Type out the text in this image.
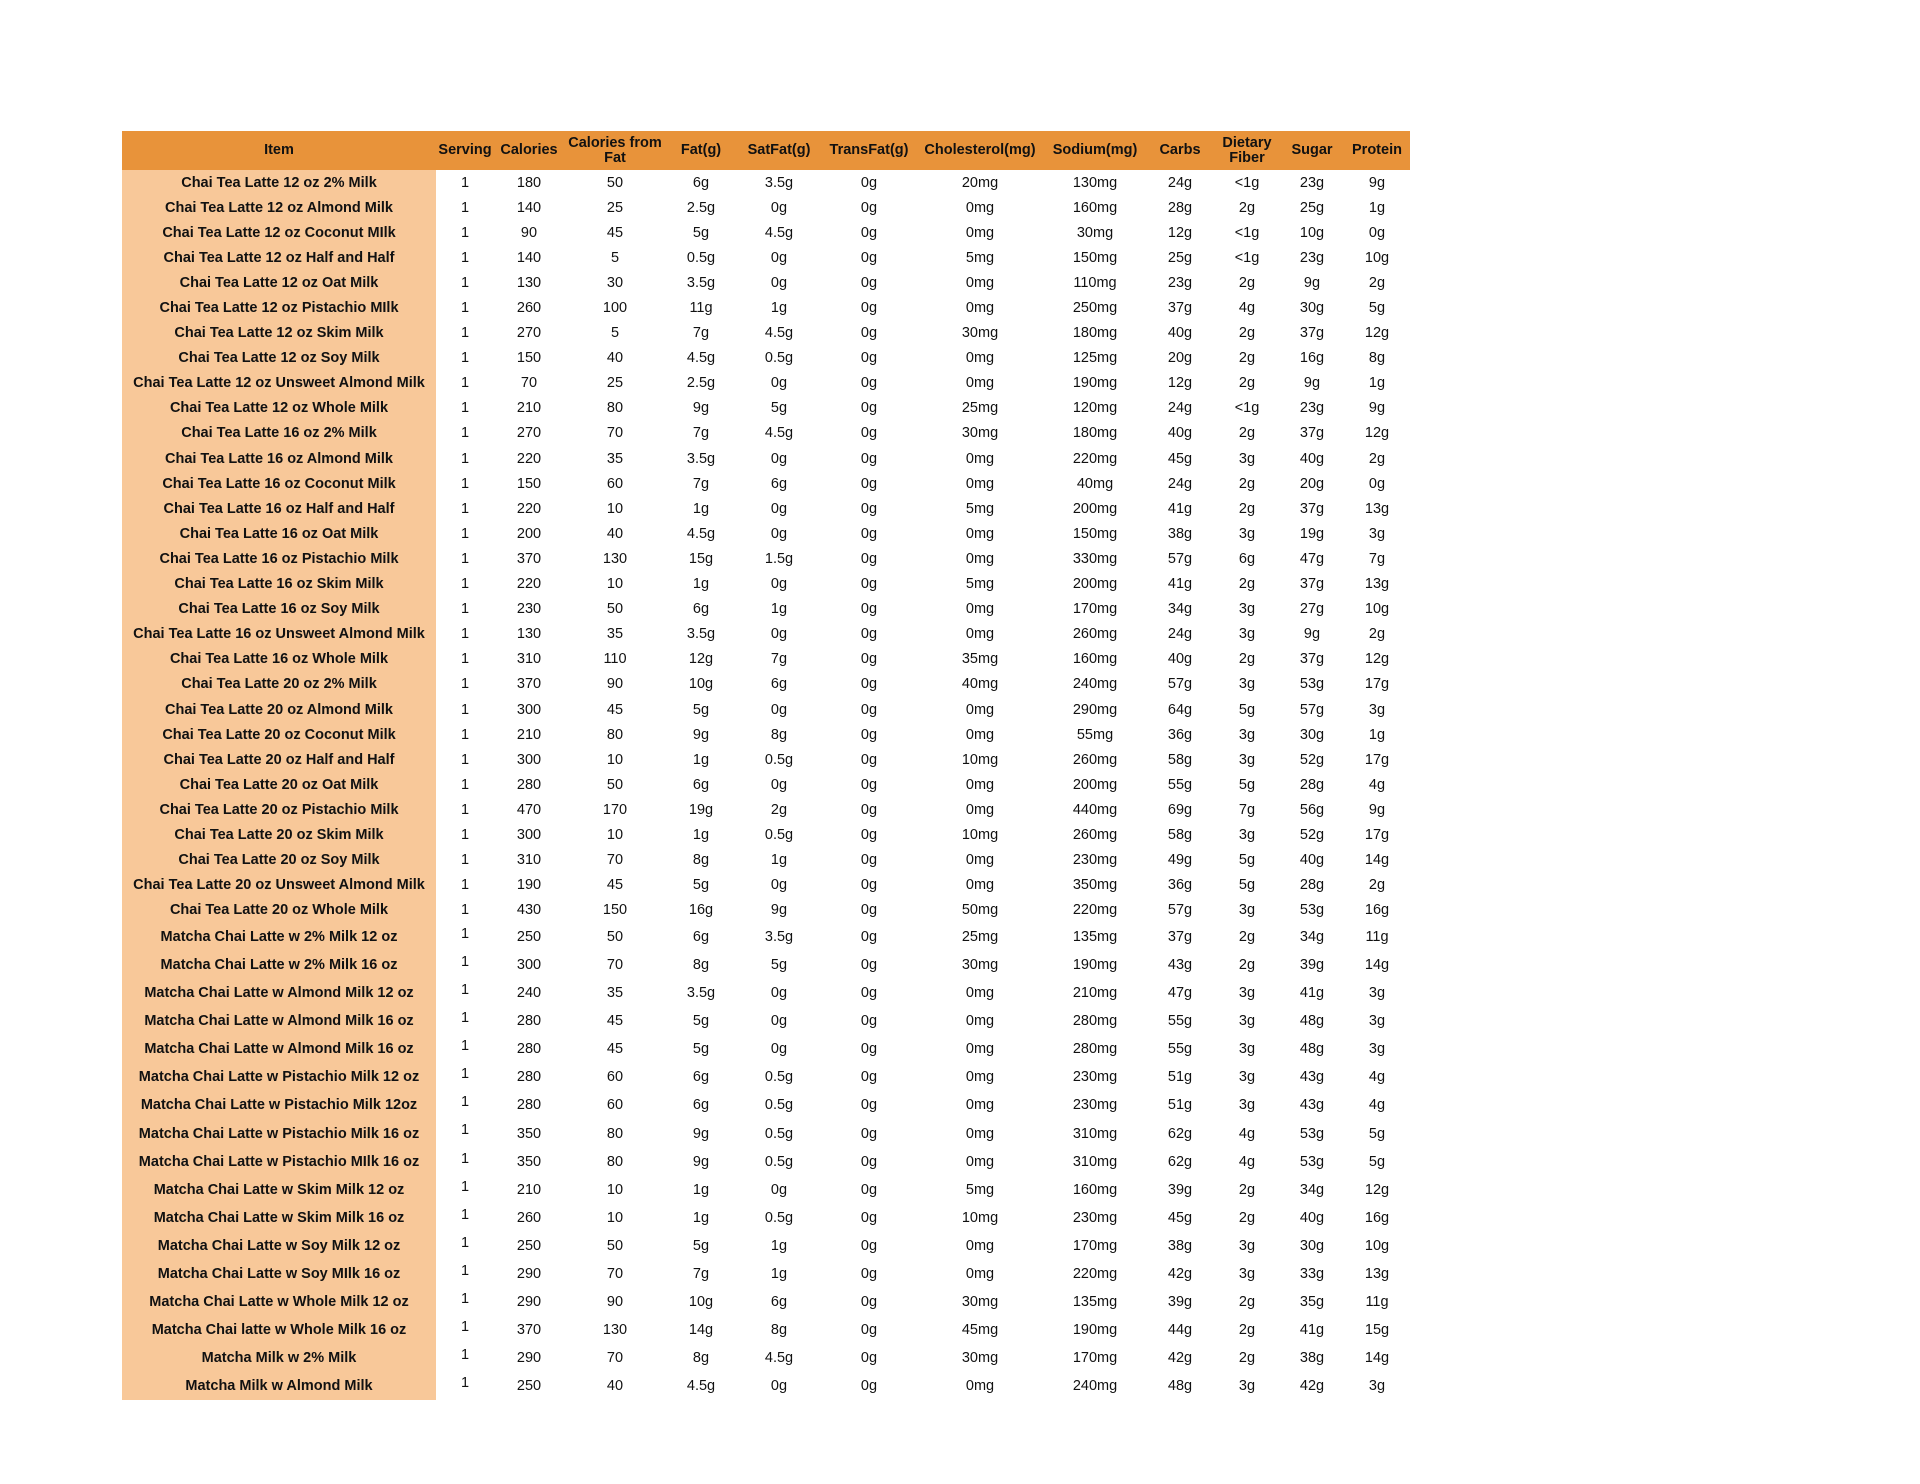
Item	Serving	Calories	Calories from Fat	Fat(g)	SatFat(g)	TransFat(g)	Cholesterol(mg)	Sodium(mg)	Carbs	Dietary Fiber	Sugar	Protein
Chai Tea Latte 12 oz 2% Milk	1	180	50	6g	3.5g	0g	20mg	130mg	24g	<1g	23g	9g
Chai Tea Latte 12 oz Almond Milk	1	140	25	2.5g	0g	0g	0mg	160mg	28g	2g	25g	1g
Chai Tea Latte 12 oz Coconut MIlk	1	90	45	5g	4.5g	0g	0mg	30mg	12g	<1g	10g	0g
Chai Tea Latte 12 oz Half and Half	1	140	5	0.5g	0g	0g	5mg	150mg	25g	<1g	23g	10g
Chai Tea Latte 12 oz Oat Milk	1	130	30	3.5g	0g	0g	0mg	110mg	23g	2g	9g	2g
Chai Tea Latte 12 oz Pistachio MIlk	1	260	100	11g	1g	0g	0mg	250mg	37g	4g	30g	5g
Chai Tea Latte 12 oz Skim Milk	1	270	5	7g	4.5g	0g	30mg	180mg	40g	2g	37g	12g
Chai Tea Latte 12 oz Soy Milk	1	150	40	4.5g	0.5g	0g	0mg	125mg	20g	2g	16g	8g
Chai Tea Latte 12 oz Unsweet Almond Milk	1	70	25	2.5g	0g	0g	0mg	190mg	12g	2g	9g	1g
Chai Tea Latte 12 oz Whole Milk	1	210	80	9g	5g	0g	25mg	120mg	24g	<1g	23g	9g
Chai Tea Latte 16 oz 2% Milk	1	270	70	7g	4.5g	0g	30mg	180mg	40g	2g	37g	12g
Chai Tea Latte 16 oz Almond Milk	1	220	35	3.5g	0g	0g	0mg	220mg	45g	3g	40g	2g
Chai Tea Latte 16 oz Coconut Milk	1	150	60	7g	6g	0g	0mg	40mg	24g	2g	20g	0g
Chai Tea Latte 16 oz Half and Half	1	220	10	1g	0g	0g	5mg	200mg	41g	2g	37g	13g
Chai Tea Latte 16 oz Oat Milk	1	200	40	4.5g	0g	0g	0mg	150mg	38g	3g	19g	3g
Chai Tea Latte 16 oz Pistachio Milk	1	370	130	15g	1.5g	0g	0mg	330mg	57g	6g	47g	7g
Chai Tea Latte 16 oz Skim Milk	1	220	10	1g	0g	0g	5mg	200mg	41g	2g	37g	13g
Chai Tea Latte 16 oz Soy Milk	1	230	50	6g	1g	0g	0mg	170mg	34g	3g	27g	10g
Chai Tea Latte 16 oz Unsweet Almond Milk	1	130	35	3.5g	0g	0g	0mg	260mg	24g	3g	9g	2g
Chai Tea Latte 16 oz Whole Milk	1	310	110	12g	7g	0g	35mg	160mg	40g	2g	37g	12g
Chai Tea Latte 20 oz 2% Milk	1	370	90	10g	6g	0g	40mg	240mg	57g	3g	53g	17g
Chai Tea Latte 20 oz Almond Milk	1	300	45	5g	0g	0g	0mg	290mg	64g	5g	57g	3g
Chai Tea Latte 20 oz Coconut Milk	1	210	80	9g	8g	0g	0mg	55mg	36g	3g	30g	1g
Chai Tea Latte 20 oz Half and Half	1	300	10	1g	0.5g	0g	10mg	260mg	58g	3g	52g	17g
Chai Tea Latte 20 oz Oat Milk	1	280	50	6g	0g	0g	0mg	200mg	55g	5g	28g	4g
Chai Tea Latte 20 oz Pistachio Milk	1	470	170	19g	2g	0g	0mg	440mg	69g	7g	56g	9g
Chai Tea Latte 20 oz Skim Milk	1	300	10	1g	0.5g	0g	10mg	260mg	58g	3g	52g	17g
Chai Tea Latte 20 oz Soy Milk	1	310	70	8g	1g	0g	0mg	230mg	49g	5g	40g	14g
Chai Tea Latte 20 oz Unsweet Almond Milk	1	190	45	5g	0g	0g	0mg	350mg	36g	5g	28g	2g
Chai Tea Latte 20 oz Whole Milk	1	430	150	16g	9g	0g	50mg	220mg	57g	3g	53g	16g
Matcha Chai Latte w 2% Milk 12 oz	1	250	50	6g	3.5g	0g	25mg	135mg	37g	2g	34g	11g
Matcha Chai Latte w 2% Milk 16 oz	1	300	70	8g	5g	0g	30mg	190mg	43g	2g	39g	14g
Matcha Chai Latte w Almond Milk 12 oz	1	240	35	3.5g	0g	0g	0mg	210mg	47g	3g	41g	3g
Matcha Chai Latte w Almond Milk 16 oz	1	280	45	5g	0g	0g	0mg	280mg	55g	3g	48g	3g
Matcha Chai Latte w Almond Milk 16 oz	1	280	45	5g	0g	0g	0mg	280mg	55g	3g	48g	3g
Matcha Chai Latte w Pistachio Milk 12 oz	1	280	60	6g	0.5g	0g	0mg	230mg	51g	3g	43g	4g
Matcha Chai Latte w Pistachio Milk 12oz	1	280	60	6g	0.5g	0g	0mg	230mg	51g	3g	43g	4g
Matcha Chai Latte w Pistachio Milk 16 oz	1	350	80	9g	0.5g	0g	0mg	310mg	62g	4g	53g	5g
Matcha Chai Latte w Pistachio MIlk 16 oz	1	350	80	9g	0.5g	0g	0mg	310mg	62g	4g	53g	5g
Matcha Chai Latte w Skim Milk 12 oz	1	210	10	1g	0g	0g	5mg	160mg	39g	2g	34g	12g
Matcha Chai Latte w Skim Milk 16 oz	1	260	10	1g	0.5g	0g	10mg	230mg	45g	2g	40g	16g
Matcha Chai Latte w Soy Milk 12 oz	1	250	50	5g	1g	0g	0mg	170mg	38g	3g	30g	10g
Matcha Chai Latte w Soy MIlk 16 oz	1	290	70	7g	1g	0g	0mg	220mg	42g	3g	33g	13g
Matcha Chai Latte w Whole Milk 12 oz	1	290	90	10g	6g	0g	30mg	135mg	39g	2g	35g	11g
Matcha Chai latte w Whole Milk 16 oz	1	370	130	14g	8g	0g	45mg	190mg	44g	2g	41g	15g
Matcha Milk w 2% Milk	1	290	70	8g	4.5g	0g	30mg	170mg	42g	2g	38g	14g
Matcha Milk w Almond Milk	1	250	40	4.5g	0g	0g	0mg	240mg	48g	3g	42g	3g
